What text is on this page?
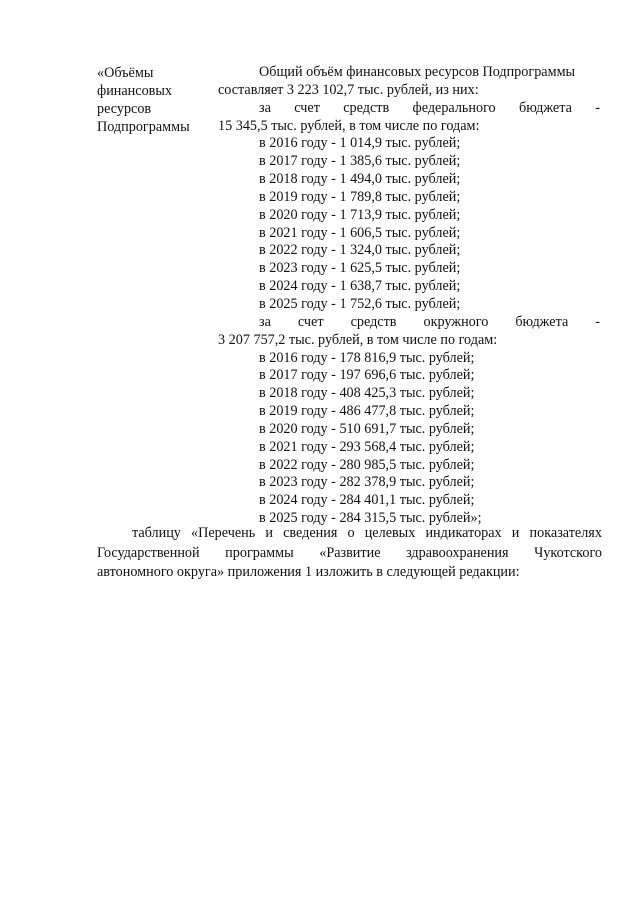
«Объёмы
финансовых
ресурсов
Подпрограммы
Общий объём финансовых ресурсов Подпрограммы
составляет 3 223 102,7 тыс. рублей, из них:
за счет средств федерального бюджета -
15 345,5 тыс. рублей, в том числе по годам:
в 2016 году - 1 014,9 тыс. рублей;
в 2017 году - 1 385,6 тыс. рублей;
в 2018 году - 1 494,0 тыс. рублей;
в 2019 году - 1 789,8 тыс. рублей;
в 2020 году - 1 713,9 тыс. рублей;
в 2021 году - 1 606,5 тыс. рублей;
в 2022 году - 1 324,0 тыс. рублей;
в 2023 году - 1 625,5 тыс. рублей;
в 2024 году - 1 638,7 тыс. рублей;
в 2025 году - 1 752,6 тыс. рублей;
за счет средств окружного бюджета -
3 207 757,2 тыс. рублей, в том числе по годам:
в 2016 году - 178 816,9 тыс. рублей;
в 2017 году - 197 696,6 тыс. рублей;
в 2018 году - 408 425,3 тыс. рублей;
в 2019 году - 486 477,8 тыс. рублей;
в 2020 году - 510 691,7 тыс. рублей;
в 2021 году - 293 568,4 тыс. рублей;
в 2022 году - 280 985,5 тыс. рублей;
в 2023 году - 282 378,9 тыс. рублей;
в 2024 году - 284 401,1 тыс. рублей;
в 2025 году - 284 315,5 тыс. рублей»;
таблицу «Перечень и сведения о целевых индикаторах и показателях
Государственной программы «Развитие здравоохранения Чукотского
автономного округа» приложения 1 изложить в следующей редакции:
